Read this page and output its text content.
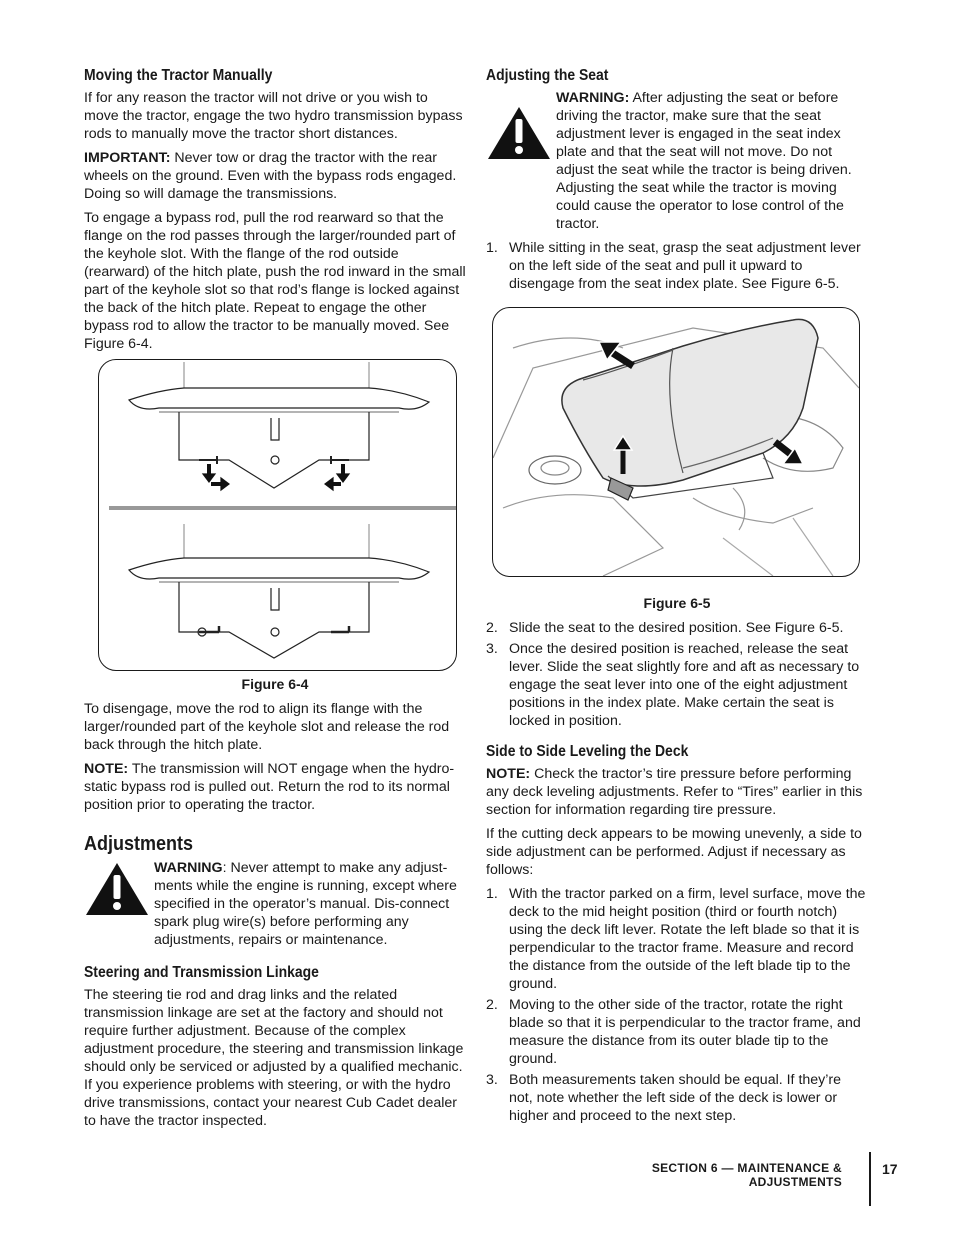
Moving the Tractor Manually

If for any reason the tractor will not drive or you wish to move the tractor, engage the two hydro transmission bypass rods to manually move the tractor short distances.

IMPORTANT: Never tow or drag the tractor with the rear wheels on the ground. Even with the bypass rods engaged. Doing so will damage the transmissions.

To engage a bypass rod, pull the rod rearward so that the flange on the rod passes through the larger/rounded part of the keyhole slot. With the flange of the rod outside (rearward) of the hitch plate, push the rod inward in the small part of the keyhole slot so that rod’s flange is locked against the back of the hitch plate. Repeat to engage the other bypass rod to allow the tractor to be manually moved. See Figure 6-4.

Figure 6-4

To disengage, move the rod to align its flange with the larger/rounded part of the keyhole slot and release the rod back through the hitch plate.

NOTE: The transmission will NOT engage when the hydro-static bypass rod is pulled out. Return the rod to its normal position prior to operating the tractor.

Adjustments

WARNING: Never attempt to make any adjust-ments while the engine is running, except where specified in the operator’s manual. Dis-connect spark plug wire(s) before performing any adjustments, repairs or maintenance.

Steering and Transmission Linkage

The steering tie rod and drag links and the related transmission linkage are set at the factory and should not require further adjustment. Because of the complex adjustment procedure, the steering and transmission linkage should only be serviced or adjusted by a qualified mechanic. If you experience problems with steering, or with the hydro drive transmissions, contact your nearest Cub Cadet dealer to have the tractor inspected.

Adjusting the Seat

WARNING: After adjusting the seat or before driving the tractor, make sure that the seat adjustment lever is engaged in the seat index plate and that the seat will not move. Do not adjust the seat while the tractor is being driven. Adjusting the seat while the tractor is moving could cause the operator to lose control of the tractor.

1. While sitting in the seat, grasp the seat adjustment lever on the left side of the seat and pull it upward to disengage from the seat index plate. See Figure 6-5.
Figure 6-5
2. Slide the seat to the desired position. See Figure 6-5.
3. Once the desired position is reached, release the seat lever. Slide the seat slightly fore and aft as necessary to engage the seat lever into one of the eight adjustment positions in the index plate. Make certain the seat is locked in position.
Side to Side Leveling the Deck

NOTE: Check the tractor’s tire pressure before performing any deck leveling adjustments. Refer to “Tires” earlier in this section for information regarding tire pressure.

If the cutting deck appears to be mowing unevenly, a side to side adjustment can be performed. Adjust if necessary as follows:

1. With the tractor parked on a firm, level surface, move the deck to the mid height position (third or fourth notch) using the deck lift lever. Rotate the left blade so that it is perpendicular to the tractor frame. Measure and record the distance from the outside of the left blade tip to the ground.
2. Moving to the other side of the tractor, rotate the right blade so that it is perpendicular to the tractor frame, and measure the distance from its outer blade tip to the ground.
3. Both measurements taken should be equal. If they’re not, note whether the left side of the deck is lower or higher and proceed to the next step.
SECTION 6 — MAINTENANCE & ADJUSTMENTS
17
